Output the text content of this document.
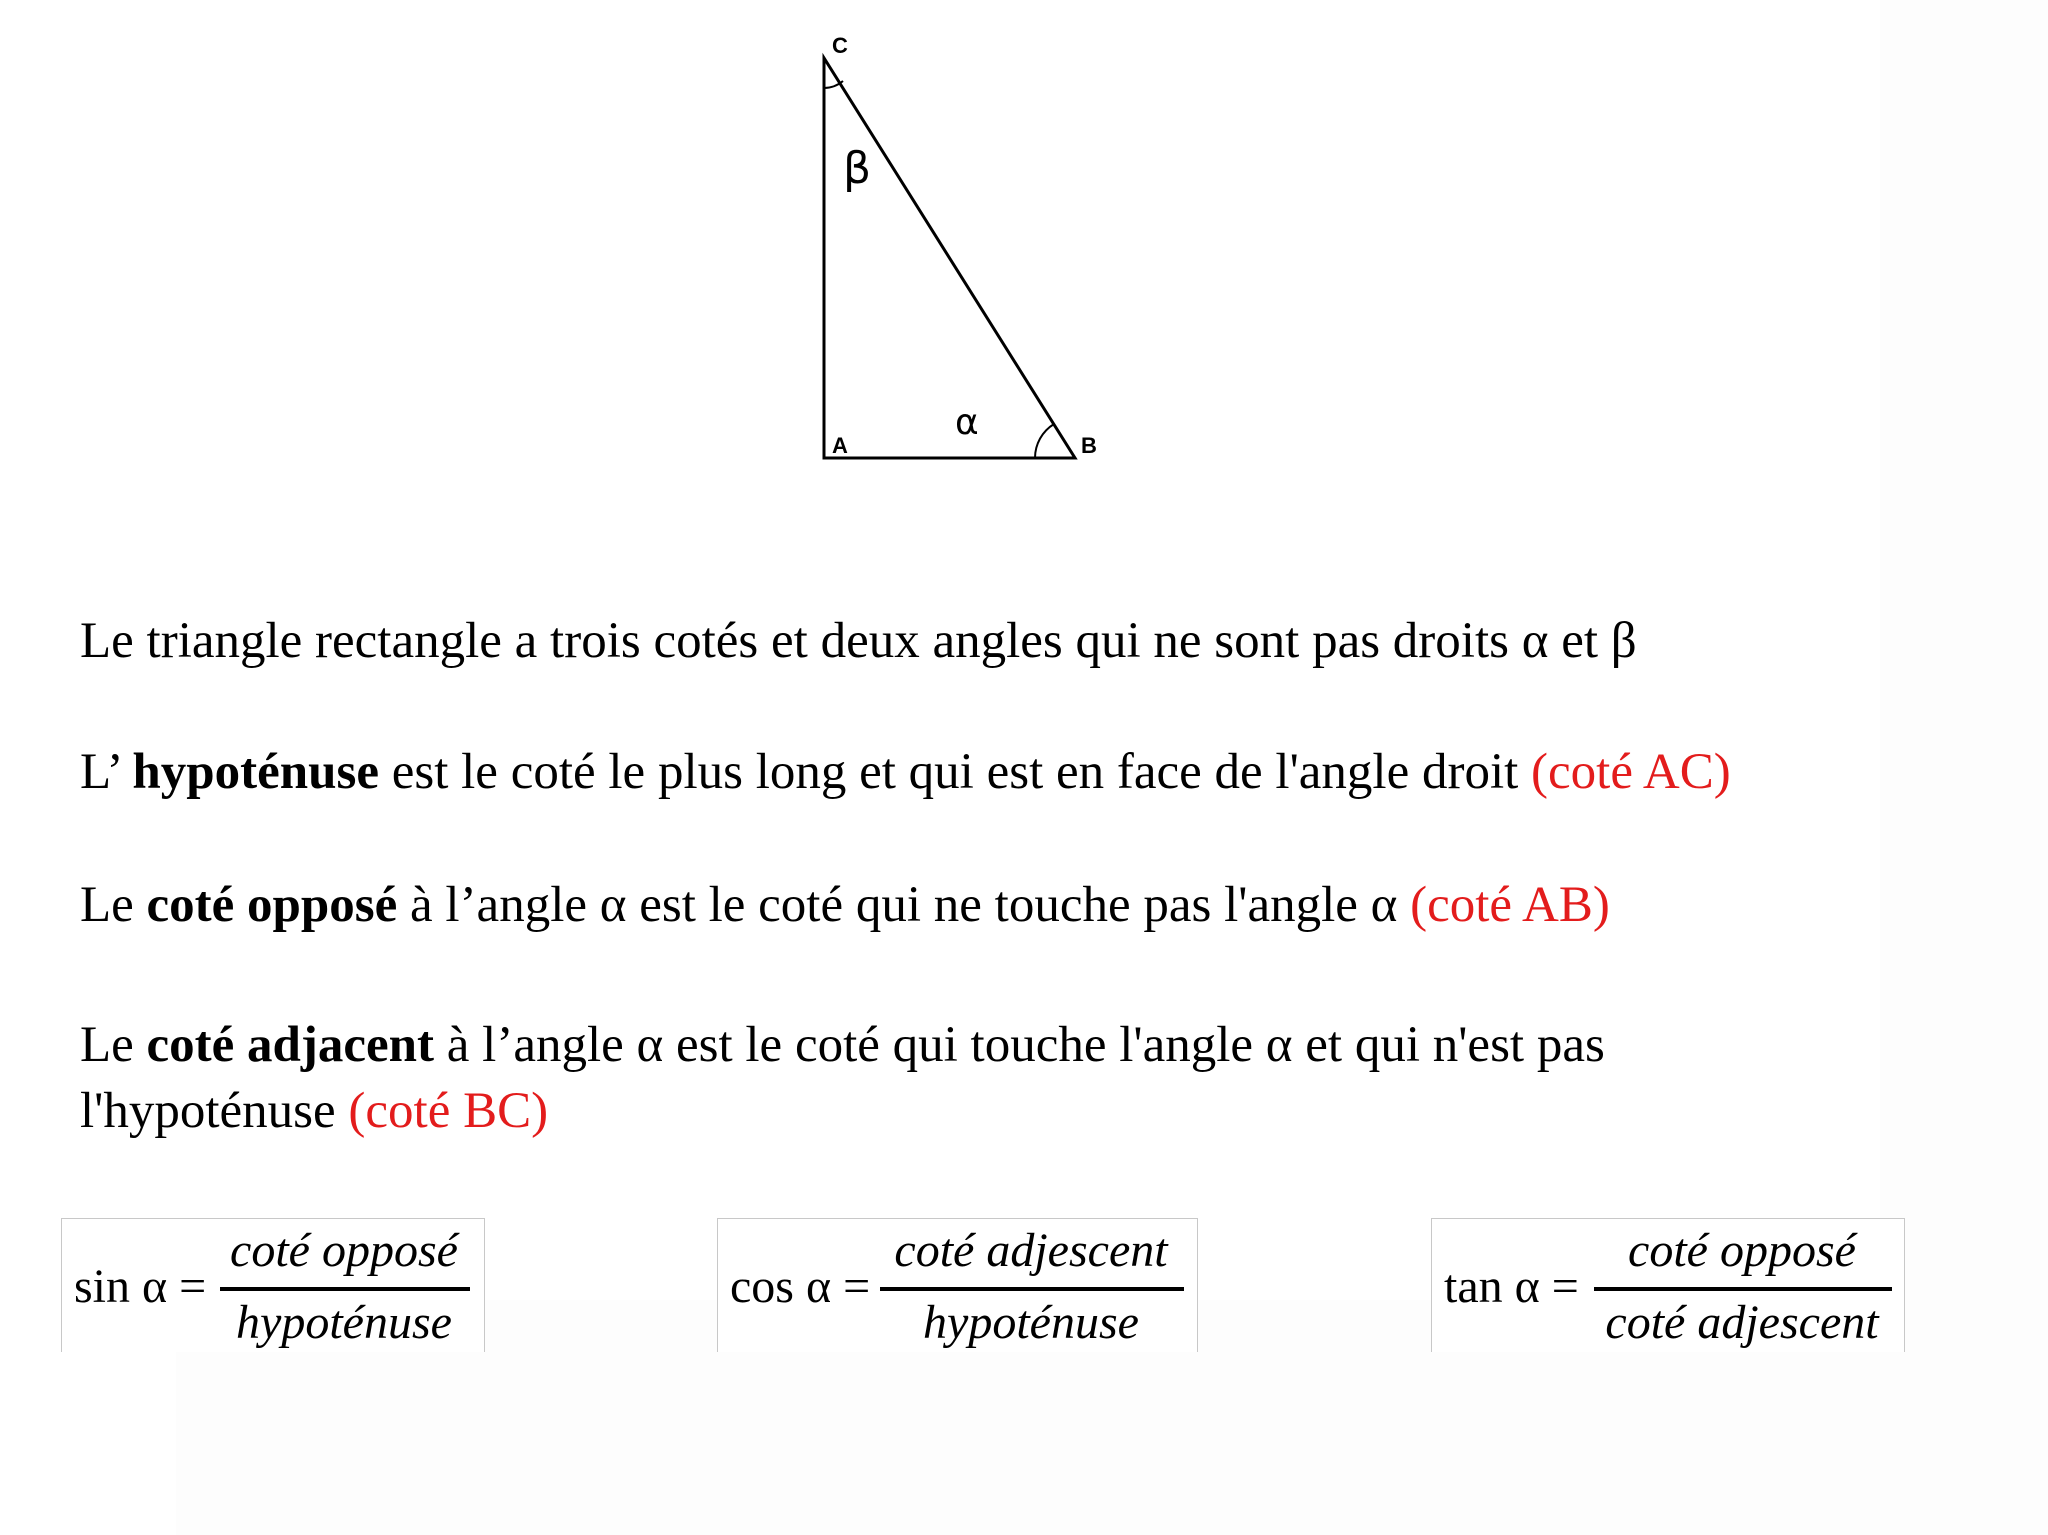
C
A	B
β
α

Le triangle rectangle a trois cotés et deux angles qui ne sont pas droits α et β

L’ hypoténuse est le coté le plus long et qui est en face de l'angle droit (coté AC)

Le coté opposé à l’angle α est le coté qui ne touche pas l'angle α (coté AB)

Le coté adjacent à l’angle α est le coté qui touche l'angle α et qui n'est pas

l'hypoténuse (coté BC)

sin α =
coté opposé
hypoténuse
cos α =
coté adjescent
hypoténuse
tan α =
coté opposé
coté adjescent
